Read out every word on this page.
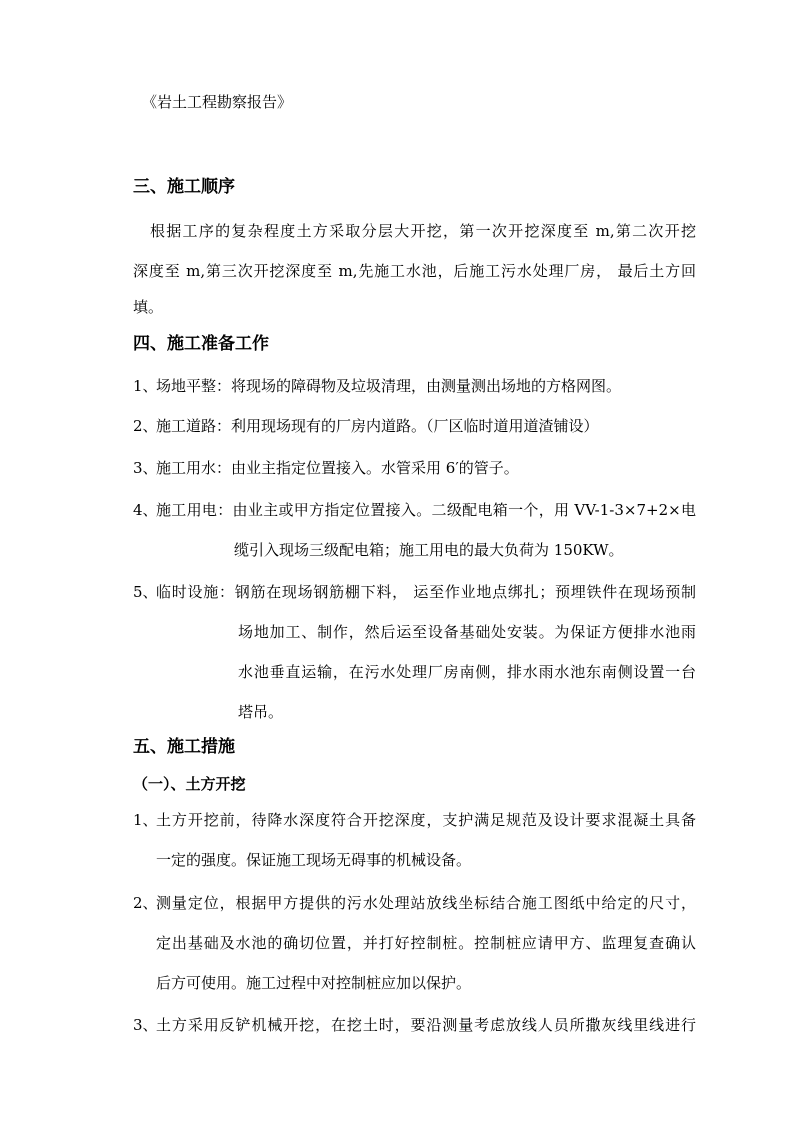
《岩土工程勘察报告》

三、施工顺序

根据工序的复杂程度土方采取分层大开挖，第一次开挖深度至 m,第二次开挖

深度至 m,第三次开挖深度至 m,先施工水池，后施工污水处理厂房， 最后土方回

填。

四、施工准备工作

1、

场地平整：将现场的障碍物及垃圾清理，由测量测出场地的方格网图。

2、

施工道路：利用现场现有的厂房内道路。（厂区临时道用道渣铺设）

3、

施工用水：由业主指定位置接入。水管采用 6′的管子。

4、

施工用电：由业主或甲方指定位置接入。二级配电箱一个，用 VV-1-3×7+2×电

缆引入现场三级配电箱；施工用电的最大负荷为 150KW。

5、

临时设施：钢筋在现场钢筋棚下料， 运至作业地点绑扎；预埋铁件在现场预制

场地加工、制作，然后运至设备基础处安装。为保证方便排水池雨

水池垂直运输，在污水处理厂房南侧，排水雨水池东南侧设置一台

塔吊。

五、施工措施

（一）、土方开挖

1、

土方开挖前，待降水深度符合开挖深度，支护满足规范及设计要求混凝土具备

一定的强度。保证施工现场无碍事的机械设备。

2、

测量定位，根据甲方提供的污水处理站放线坐标结合施工图纸中给定的尺寸，

定出基础及水池的确切位置，并打好控制桩。控制桩应请甲方、监理复查确认

后方可使用。施工过程中对控制桩应加以保护。

3、

土方采用反铲机械开挖，在挖土时，要沿测量考虑放线人员所撒灰线里线进行
